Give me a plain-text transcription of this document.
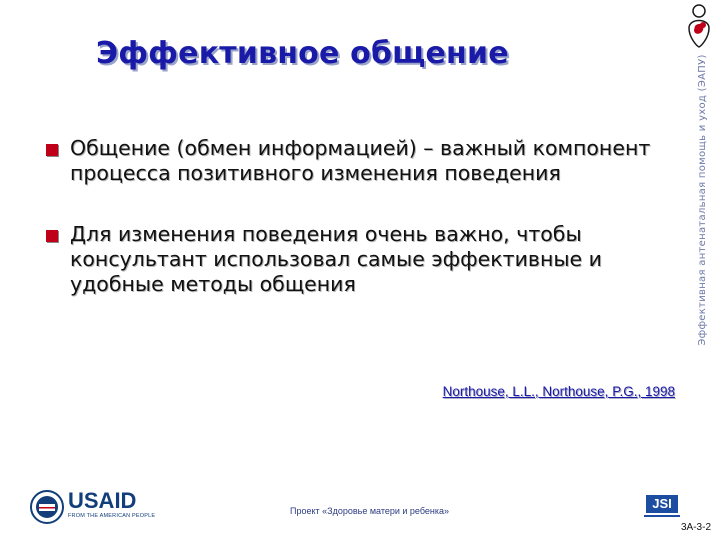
Эффективное общение
Общение (обмен информацией) – важный компонент процесса позитивного изменения поведения
Для изменения поведения очень важно, чтобы консультант использовал самые эффективные и удобные методы общения
Northouse, L.L., Northouse, P.G., 1998
Эффективная антенатальная помощь и уход (ЭАПУ)
USAID
FROM THE AMERICAN PEOPLE	Проект «Здоровье матери и ребенка»	JSI
3A-3-2
